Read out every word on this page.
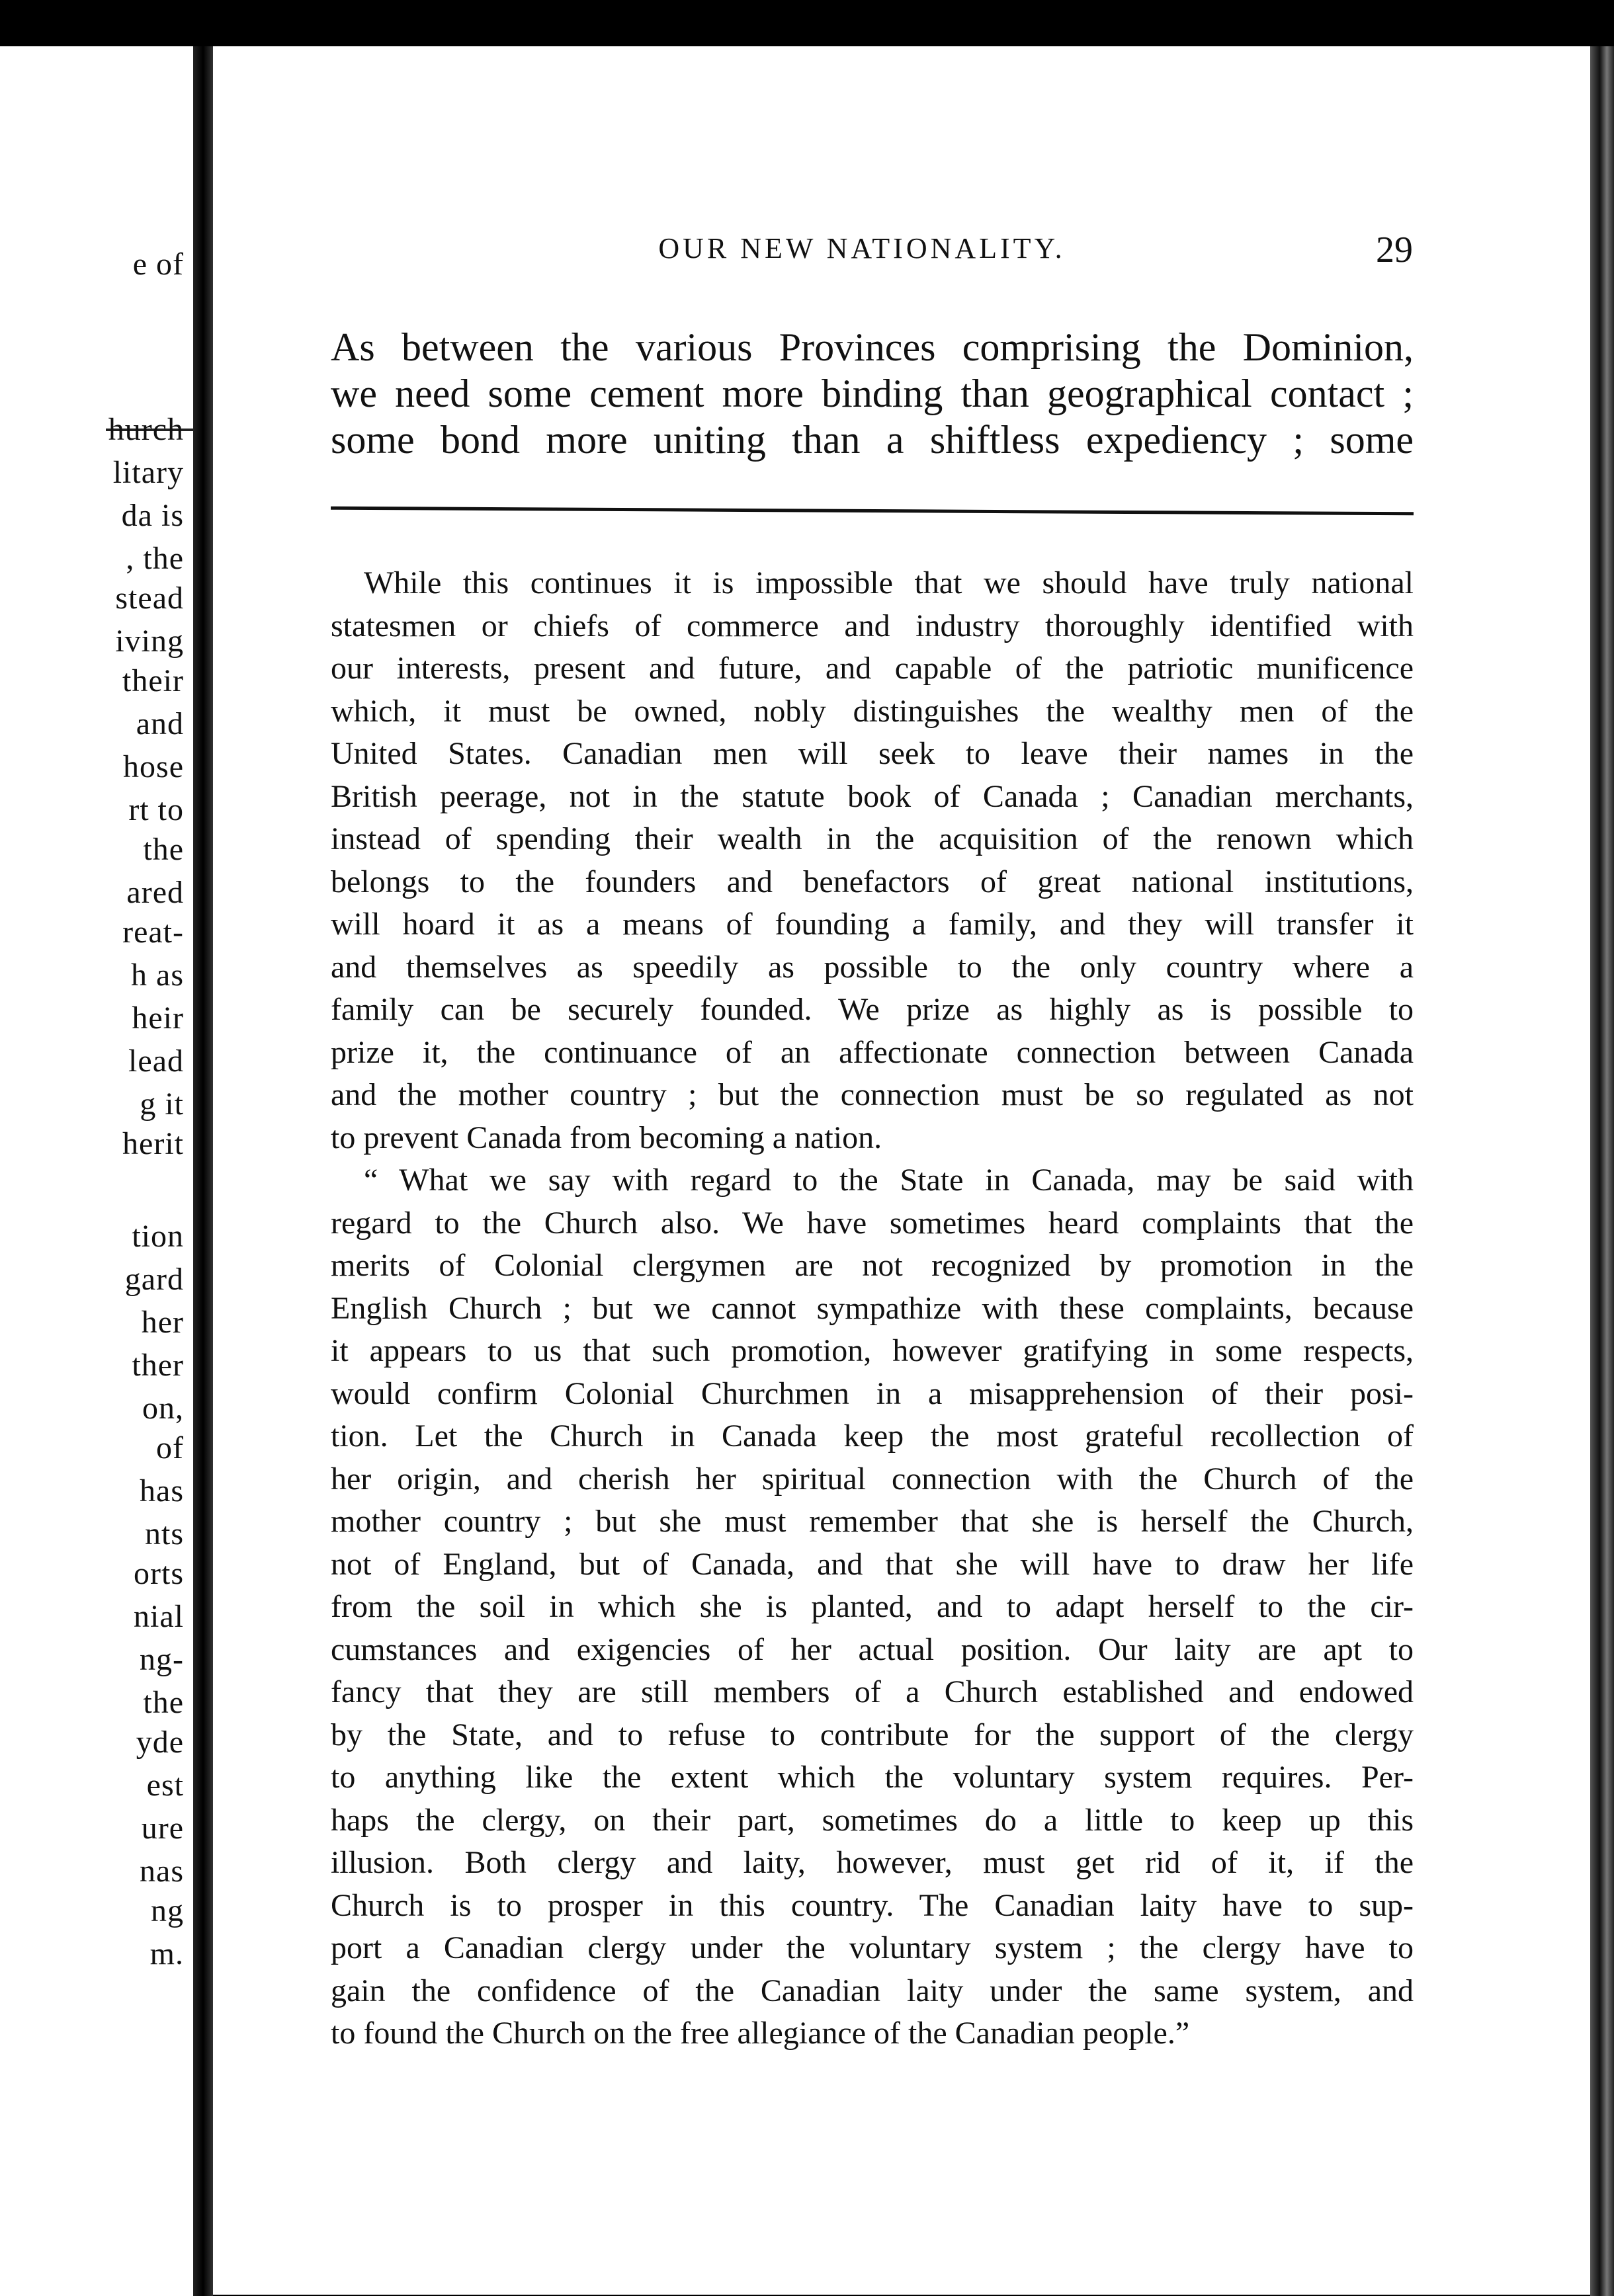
e of
hurch
litary
da is
, the
stead
iving
their
and
hose
rt to
the
ared
reat-
h as
heir
lead
g it
herit
tion
gard
her
ther
on,
of
has
nts
orts
nial
ng-
the
yde
est
ure
nas
ng
m.
OUR NEW NATIONALITY.	29
As between the various Provinces comprising the Dominion,
we need some cement more binding than geographical contact ;
some bond more uniting than a shiftless expediency ; some
While this continues it is impossible that we should have truly national
statesmen or chiefs of commerce and industry thoroughly identified with
our interests, present and future, and capable of the patriotic munificence
which, it must be owned, nobly distinguishes the wealthy men of the
United States. Canadian men will seek to leave their names in the
British peerage, not in the statute book of Canada ; Canadian merchants,
instead of spending their wealth in the acquisition of the renown which
belongs to the founders and benefactors of great national institutions,
will hoard it as a means of founding a family, and they will transfer it
and themselves as speedily as possible to the only country where a
family can be securely founded. We prize as highly as is possible to
prize it, the continuance of an affectionate connection between Canada
and the mother country ; but the connection must be so regulated as not
to prevent Canada from becoming a nation.
“ What we say with regard to the State in Canada, may be said with
regard to the Church also. We have sometimes heard complaints that the
merits of Colonial clergymen are not recognized by promotion in the
English Church ; but we cannot sympathize with these complaints, because
it appears to us that such promotion, however gratifying in some respects,
would confirm Colonial Churchmen in a misapprehension of their posi-
tion. Let the Church in Canada keep the most grateful recollection of
her origin, and cherish her spiritual connection with the Church of the
mother country ; but she must remember that she is herself the Church,
not of England, but of Canada, and that she will have to draw her life
from the soil in which she is planted, and to adapt herself to the cir-
cumstances and exigencies of her actual position. Our laity are apt to
fancy that they are still members of a Church established and endowed
by the State, and to refuse to contribute for the support of the clergy
to anything like the extent which the voluntary system requires. Per-
haps the clergy, on their part, sometimes do a little to keep up this
illusion. Both clergy and laity, however, must get rid of it, if the
Church is to prosper in this country. The Canadian laity have to sup-
port a Canadian clergy under the voluntary system ; the clergy have to
gain the confidence of the Canadian laity under the same system, and
to found the Church on the free allegiance of the Canadian people.”
